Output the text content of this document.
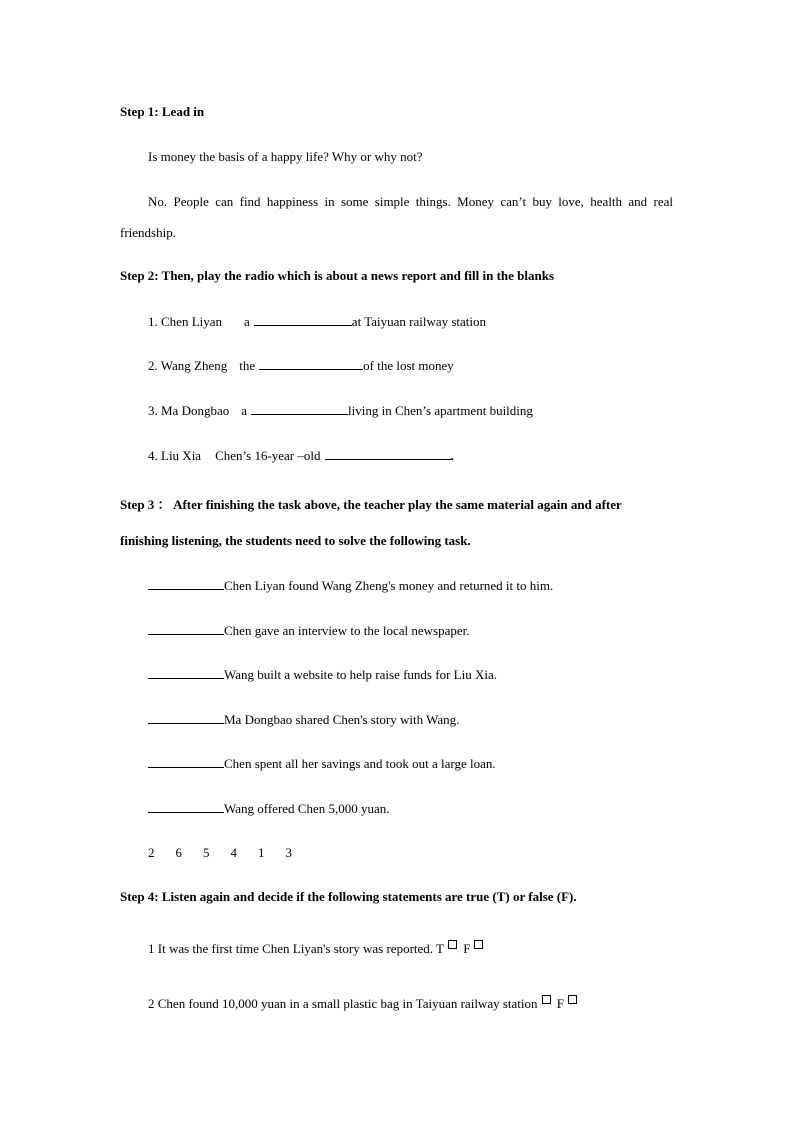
Step 1: Lead in
Is money the basis of a happy life? Why or why not?
No. People can find happiness in some simple things. Money can’t buy love, health and real friendship.
Step 2: Then, play the radio which is about a news report and fill in the blanks
1. Chen Liyan a	at Taiyuan railway station
2. Wang Zheng the	of the lost money
3. Ma Dongbao a	living in Chen’s apartment building
4. Liu Xia Chen’s 16-year –old	.
Step 3 ： After finishing the task above, the teacher play the same material again and after
finishing listening, the students need to solve the following task.
Chen Liyan found Wang Zheng's money and returned it to him.
Chen gave an interview to the local newspaper.
Wang built a website to help raise funds for Liu Xia.
Ma Dongbao shared Chen's story with Wang.
Chen spent all her savings and took out a large loan.
Wang offered Chen 5,000 yuan.
2 6 5 4 1 3
Step 4: Listen again and decide if the following statements are true (T) or false (F).
1 It was the first time Chen Liyan's story was reported. T F
2 Chen found 10,000 yuan in a small plastic bag in Taiyuan railway station F
